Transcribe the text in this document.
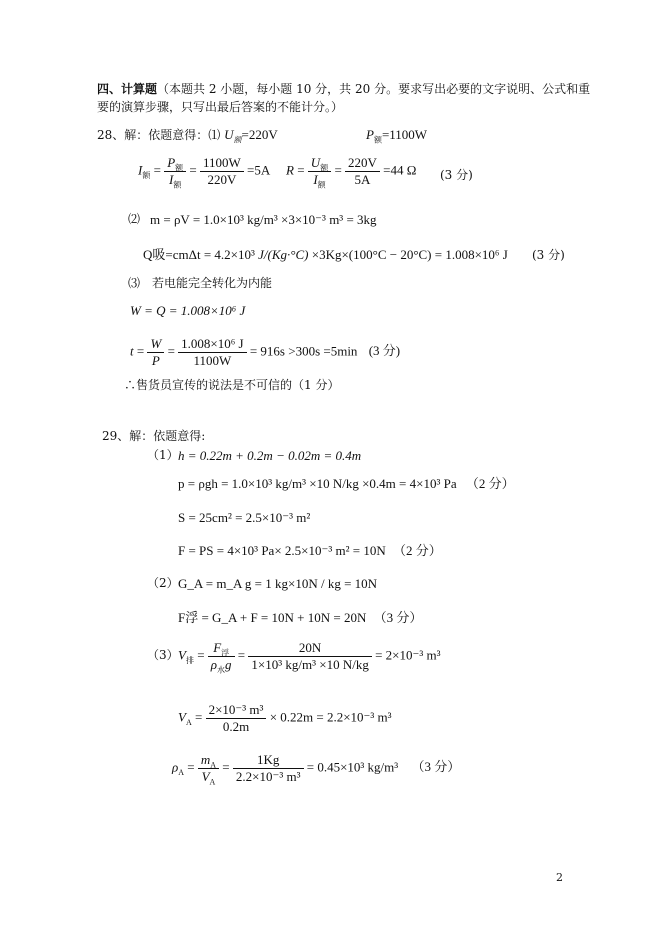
四、计算题（本题共 2 小题，每小题 10 分，共 20 分。要求写出必要的文字说明、公式和重
要的演算步骤，只写出最后答案的不能计分。）
28、解：依题意得：⑴ $U_额=220V$	$P_额=1100W$
$I_额 = \frac{P_额}{I_额} = \frac{1100W}{220V} =5A$ $R = \frac{U_额}{I_额} = \frac{220V}{5A} =44$ Ω (3 分)
⑵ m = ρV = 1.0×10³ kg/m³ ×3×10⁻³ m³ = 3kg
Q吸=cmΔt = 4.2×10³ J/(Kg·°C) ×3Kg×(100°C − 20°C) = 1.008×10⁶ J (3 分)
⑶ 若电能完全转化为内能
W = Q = 1.008×10⁶ J
$t = \frac{W}{P} = \frac{\text{1.008×10⁶ J}}{1100W} = 916s >300s =5\min$ (3 分)
∴售货员宣传的说法是不可信的（1 分）
29、解：依题意得:
（1） h = 0.22m + 0.2m − 0.02m = 0.4m
p = ρgh = 1.0×10³ kg/m³ ×10 N/kg ×0.4m = 4×10³ Pa （2 分）
S = 25cm² = 2.5×10⁻³ m²
F = PS = 4×10³ Pa× 2.5×10⁻³ m² = 10N （2 分）
（2） G_A = m_A g = 1 kg×10N / kg = 10N
F浮 = G_A + F = 10N + 10N = 20N （3 分）
（3） $V_排 = \frac{F_浮}{\rho_水g} = \frac{20N}{\text{1×10³ kg/m³ ×10 N/kg}} = 2\times 10^{-3}$ m³
$V_A = \frac{\text{2×10⁻³ m³}}{0.2m} \times 0.22m = 2.2\times 10^{-3}$ m³
$\rho_A = \frac{m_A}{V_A} = \frac{1Kg}{\text{2.2×10⁻³ m³}} = 0.45\times 10^3$ kg/m³ （3 分）
2
